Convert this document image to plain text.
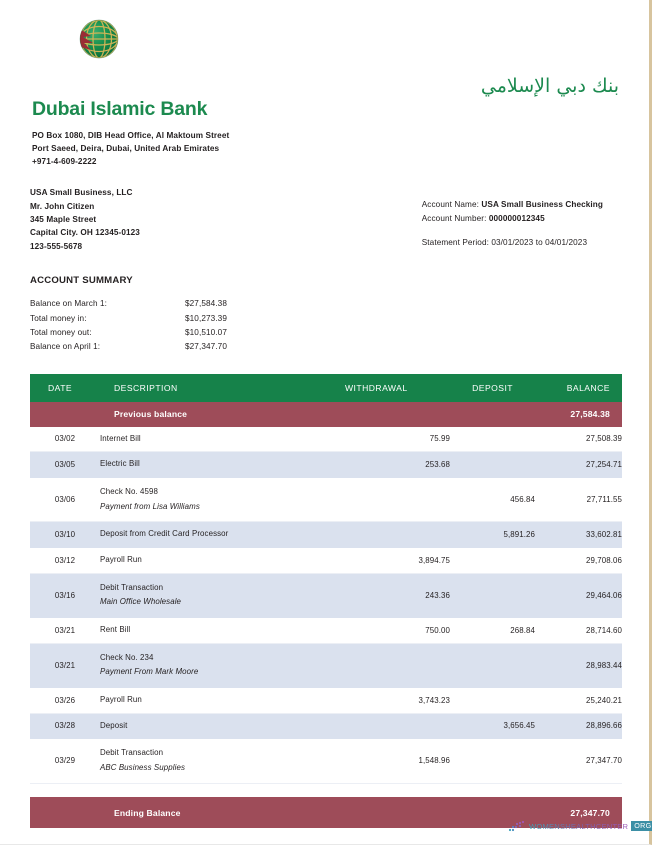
بنك دبي الإسلامي
Dubai Islamic Bank
PO Box 1080, DIB Head Office, Al Maktoum Street
Port Saeed, Deira, Dubai, United Arab Emirates
+971-4-609-2222
USA Small Business, LLC
Mr. John Citizen
345 Maple Street
Capital City. OH 12345-0123
123-555-5678
Account Name: USA Small Business Checking
Account Number: 000000012345
Statement Period: 03/01/2023 to 04/01/2023
ACCOUNT SUMMARY
Balance on March 1:	$27,584.38
Total money in:	$10,273.39
Total money out:	$10,510.07
Balance on April 1:	$27,347.70
DATE	DESCRIPTION	WITHDRAWAL	DEPOSIT	BALANCE
	Previous balance			27,584.38
03/02	Internet Bill	75.99		27,508.39
03/05	Electric Bill	253.68		27,254.71
03/06	Check No. 4598
Payment from Lisa Williams		456.84	27,711.55
03/10	Deposit from Credit Card Processor		5,891.26	33,602.81
03/12	Payroll Run	3,894.75		29,708.06
03/16	Debit Transaction
Main Office Wholesale	243.36		29,464.06
03/21	Rent Bill	750.00	268.84	28,714.60
03/21	Check No. 234
Payment From Mark Moore			28,983.44
03/26	Payroll Run	3,743.23		25,240.21
03/28	Deposit		3,656.45	28,896.66
03/29	Debit Transaction
ABC Business Supplies	1,548.96		27,347.70

	Ending Balance			27,347.70
WOMENSHEALTHCENTER ORG
